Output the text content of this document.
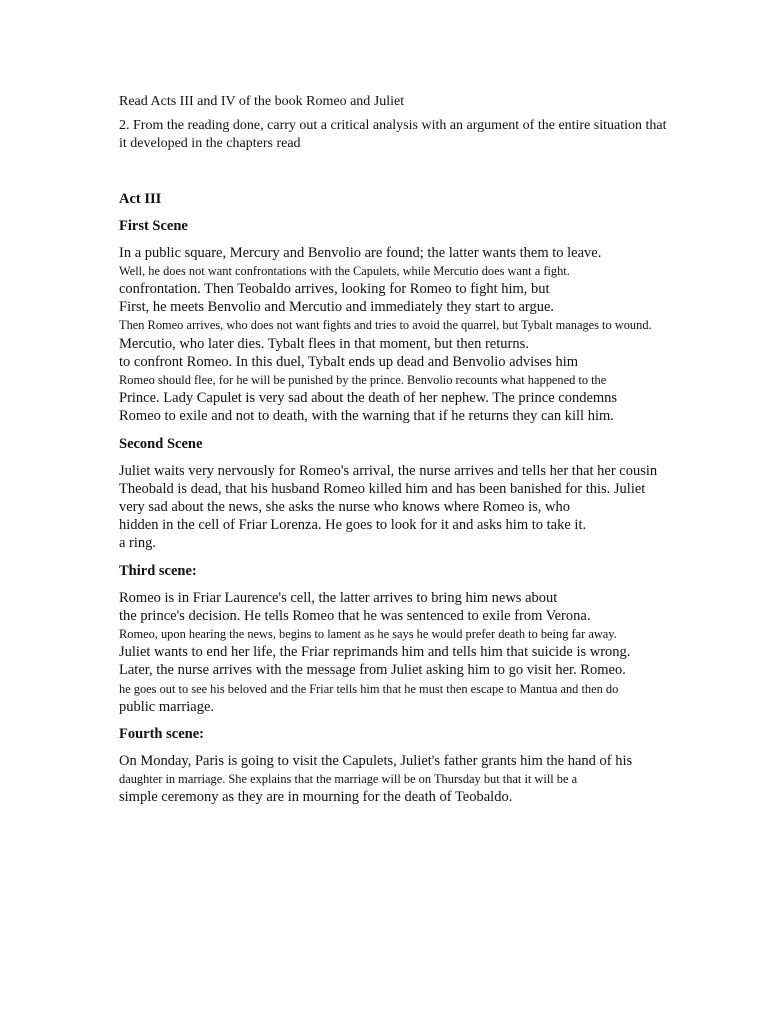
Read Acts III and IV of the book Romeo and Juliet
2. From the reading done, carry out a critical analysis with an argument of the entire situation that
it developed in the chapters read
Act III
First Scene
In a public square, Mercury and Benvolio are found; the latter wants them to leave.
Well, he does not want confrontations with the Capulets, while Mercutio does want a fight.
confrontation. Then Teobaldo arrives, looking for Romeo to fight him, but
First, he meets Benvolio and Mercutio and immediately they start to argue.
Then Romeo arrives, who does not want fights and tries to avoid the quarrel, but Tybalt manages to wound.
Mercutio, who later dies. Tybalt flees in that moment, but then returns.
to confront Romeo. In this duel, Tybalt ends up dead and Benvolio advises him
Romeo should flee, for he will be punished by the prince. Benvolio recounts what happened to the
Prince. Lady Capulet is very sad about the death of her nephew. The prince condemns
Romeo to exile and not to death, with the warning that if he returns they can kill him.
Second Scene
Juliet waits very nervously for Romeo's arrival, the nurse arrives and tells her that her cousin
Theobald is dead, that his husband Romeo killed him and has been banished for this. Juliet
very sad about the news, she asks the nurse who knows where Romeo is, who
hidden in the cell of Friar Lorenza. He goes to look for it and asks him to take it.
a ring.
Third scene:
Romeo is in Friar Laurence's cell, the latter arrives to bring him news about
the prince's decision. He tells Romeo that he was sentenced to exile from Verona.
Romeo, upon hearing the news, begins to lament as he says he would prefer death to being far away.
Juliet wants to end her life, the Friar reprimands him and tells him that suicide is wrong.
Later, the nurse arrives with the message from Juliet asking him to go visit her. Romeo.
he goes out to see his beloved and the Friar tells him that he must then escape to Mantua and then do
public marriage.
Fourth scene:
On Monday, Paris is going to visit the Capulets, Juliet's father grants him the hand of his
daughter in marriage. She explains that the marriage will be on Thursday but that it will be a
simple ceremony as they are in mourning for the death of Teobaldo.
